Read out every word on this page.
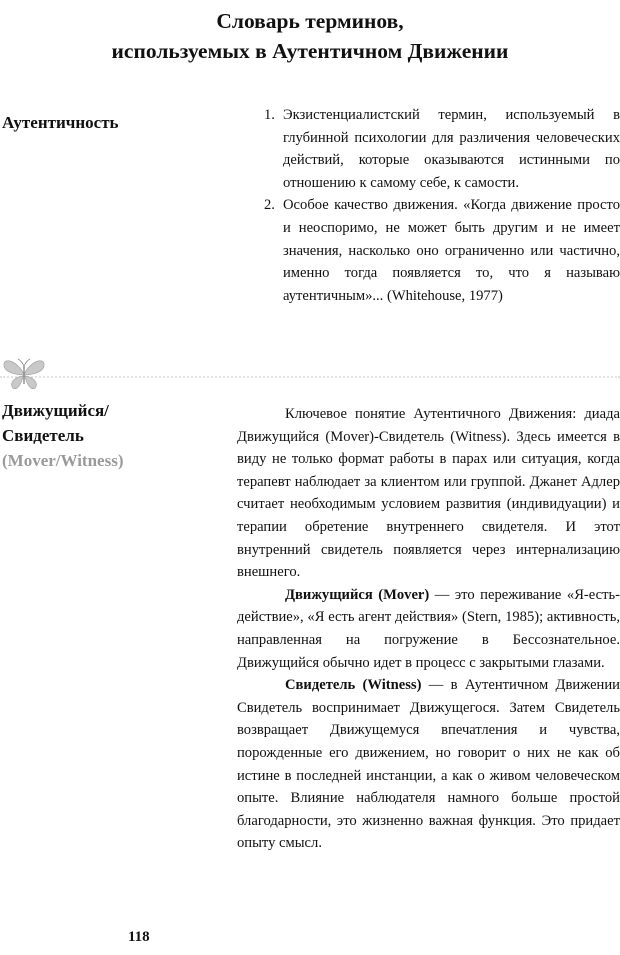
Словарь терминов,
используемых в Аутентичном Движении
Аутентичность	1. Экзистенциалистский термин, используемый в глубинной психологии для различения человеческих действий, которые оказываются истинными по отношению к самому себе, к самости.
2. Особое качество движения. «Когда движение просто и неоспоримо, не может быть другим и не имеет значения, насколько оно ограниченно или частично, именно тогда появляется то, что я называю аутентичным»... (Whitehouse, 1977)
Движущийся/
Свидетель
(Mover/Witness)
Ключевое понятие Аутентичного Движения: диада Движущийся (Mover)-Свидетель (Witness). Здесь имеется в виду не только формат работы в парах или ситуация, когда терапевт наблюдает за клиентом или группой. Джанет Адлер считает необходимым условием развития (индивидуации) и терапии обретение внутреннего свидетеля. И этот внутренний свидетель появляется через интернализацию внешнего.
Движущийся (Mover) — это переживание «Я-есть-действие», «Я есть агент действия» (Stern, 1985); активность, направленная на погружение в Бессознательное. Движущийся обычно идет в процесс с закрытыми глазами.
Свидетель (Witness) — в Аутентичном Движении Свидетель воспринимает Движущегося. Затем Свидетель возвращает Движущемуся впечатления и чувства, порожденные его движением, но говорит о них не как об истине в последней инстанции, а как о живом человеческом опыте. Влияние наблюдателя намного больше простой благодарности, это жизненно важная функция. Это придает опыту смысл.
118
